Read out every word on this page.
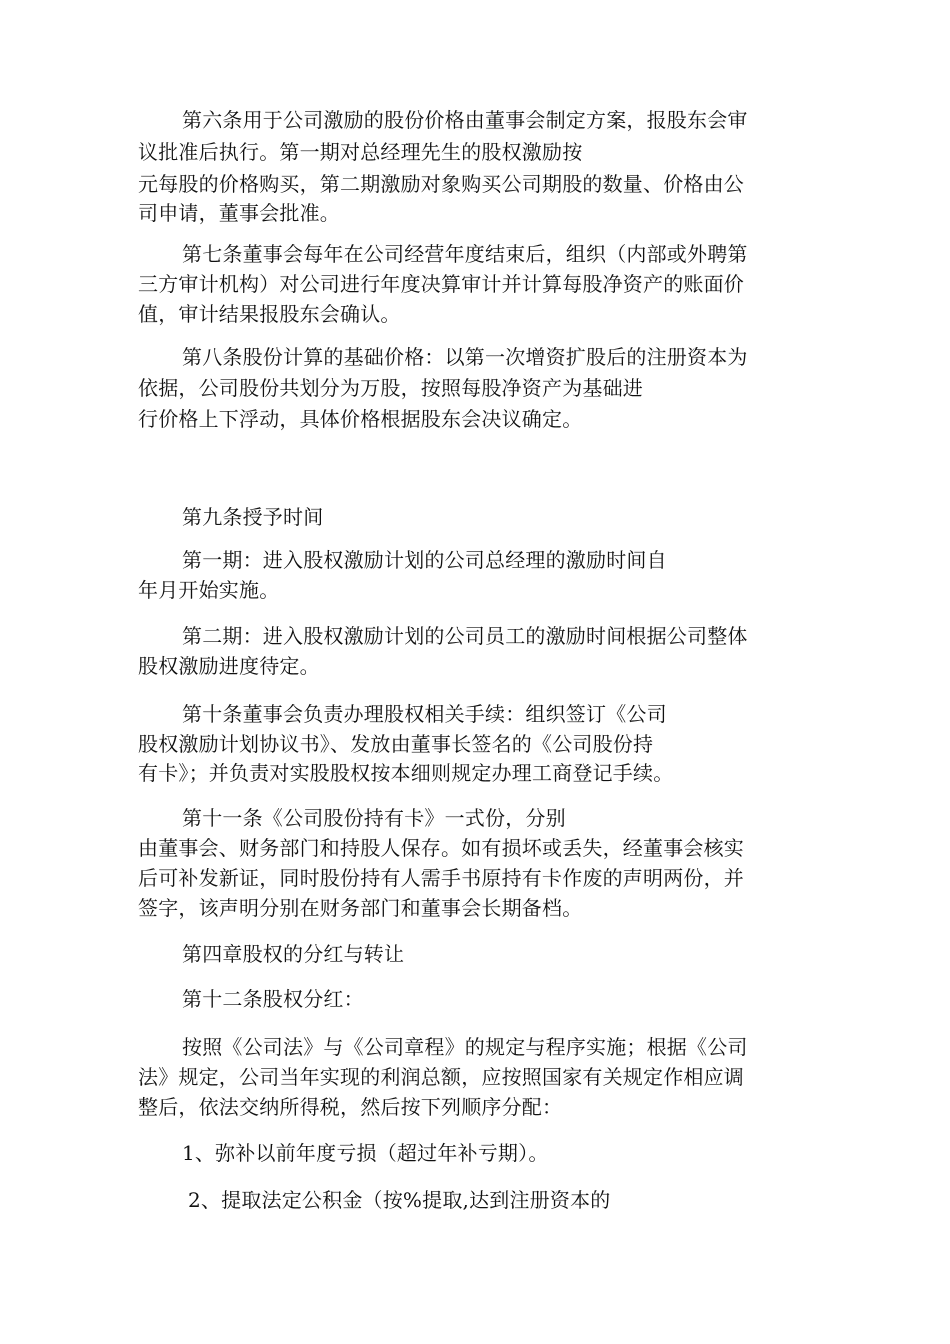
第六条用于公司激励的股份价格由董事会制定方案，报股东会审
议批准后执行。第一期对总经理先生的股权激励按
元每股的价格购买，第二期激励对象购买公司期股的数量、价格由公
司申请，董事会批准。
第七条董事会每年在公司经营年度结束后，组织（内部或外聘第
三方审计机构）对公司进行年度决算审计并计算每股净资产的账面价
值，审计结果报股东会确认。
第八条股份计算的基础价格：以第一次增资扩股后的注册资本为
依据，公司股份共划分为万股，按照每股净资产为基础进
行价格上下浮动，具体价格根据股东会决议确定。
第九条授予时间
第一期：进入股权激励计划的公司总经理的激励时间自
年月开始实施。
第二期：进入股权激励计划的公司员工的激励时间根据公司整体
股权激励进度待定。
第十条董事会负责办理股权相关手续：组织签订《公司
股权激励计划协议书》、发放由董事长签名的《公司股份持
有卡》；并负责对实股股权按本细则规定办理工商登记手续。
第十一条《公司股份持有卡》一式份，分别
由董事会、财务部门和持股人保存。如有损坏或丢失，经董事会核实
后可补发新证，同时股份持有人需手书原持有卡作废的声明两份，并
签字，该声明分别在财务部门和董事会长期备档。
第四章股权的分红与转让
第十二条股权分红：
按照《公司法》与《公司章程》的规定与程序实施；根据《公司
法》规定，公司当年实现的利润总额，应按照国家有关规定作相应调
整后，依法交纳所得税，然后按下列顺序分配：
1、弥补以前年度亏损（超过年补亏期）。
2、提取法定公积金（按%提取,达到注册资本的
